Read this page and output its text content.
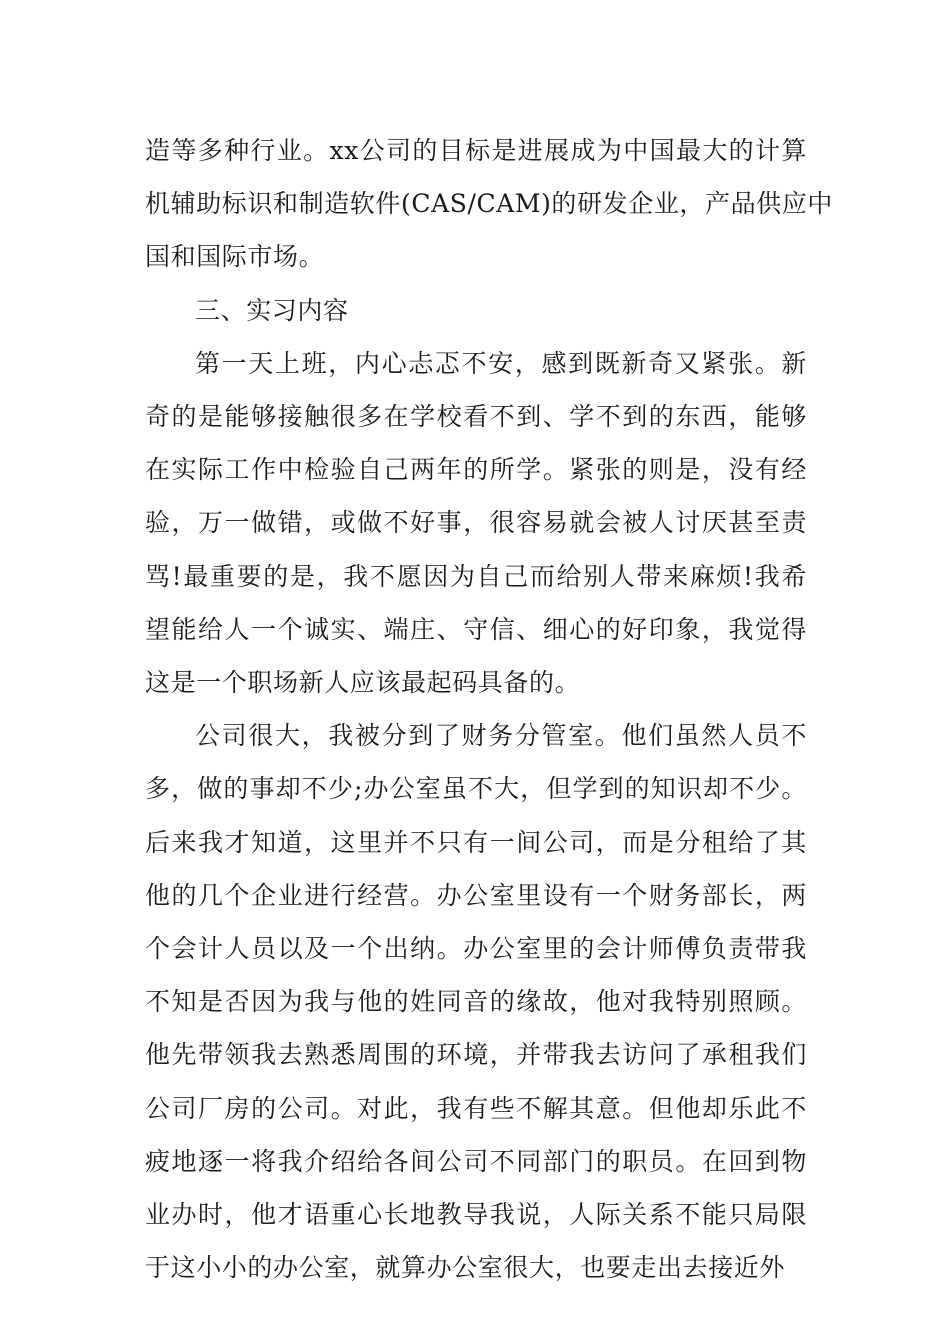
造等多种行业。xx公司的目标是进展成为中国最大的计算
机辅助标识和制造软件(CAS/CAM)的研发企业，产品供应中
国和国际市场。

三、实习内容

第一天上班，内心忐忑不安，感到既新奇又紧张。新
奇的是能够接触很多在学校看不到、学不到的东西，能够
在实际工作中检验自己两年的所学。紧张的则是，没有经
验，万一做错，或做不好事，很容易就会被人讨厌甚至责
骂!最重要的是，我不愿因为自己而给别人带来麻烦!我希
望能给人一个诚实、端庄、守信、细心的好印象，我觉得
这是一个职场新人应该最起码具备的。

公司很大，我被分到了财务分管室。他们虽然人员不
多，做的事却不少;办公室虽不大，但学到的知识却不少。
后来我才知道，这里并不只有一间公司，而是分租给了其
他的几个企业进行经营。办公室里设有一个财务部长，两
个会计人员以及一个出纳。办公室里的会计师傅负责带我
不知是否因为我与他的姓同音的缘故，他对我特别照顾。
他先带领我去熟悉周围的环境，并带我去访问了承租我们
公司厂房的公司。对此，我有些不解其意。但他却乐此不
疲地逐一将我介绍给各间公司不同部门的职员。在回到物
业办时，他才语重心长地教导我说，人际关系不能只局限
于这小小的办公室，就算办公室很大，也要走出去接近外
